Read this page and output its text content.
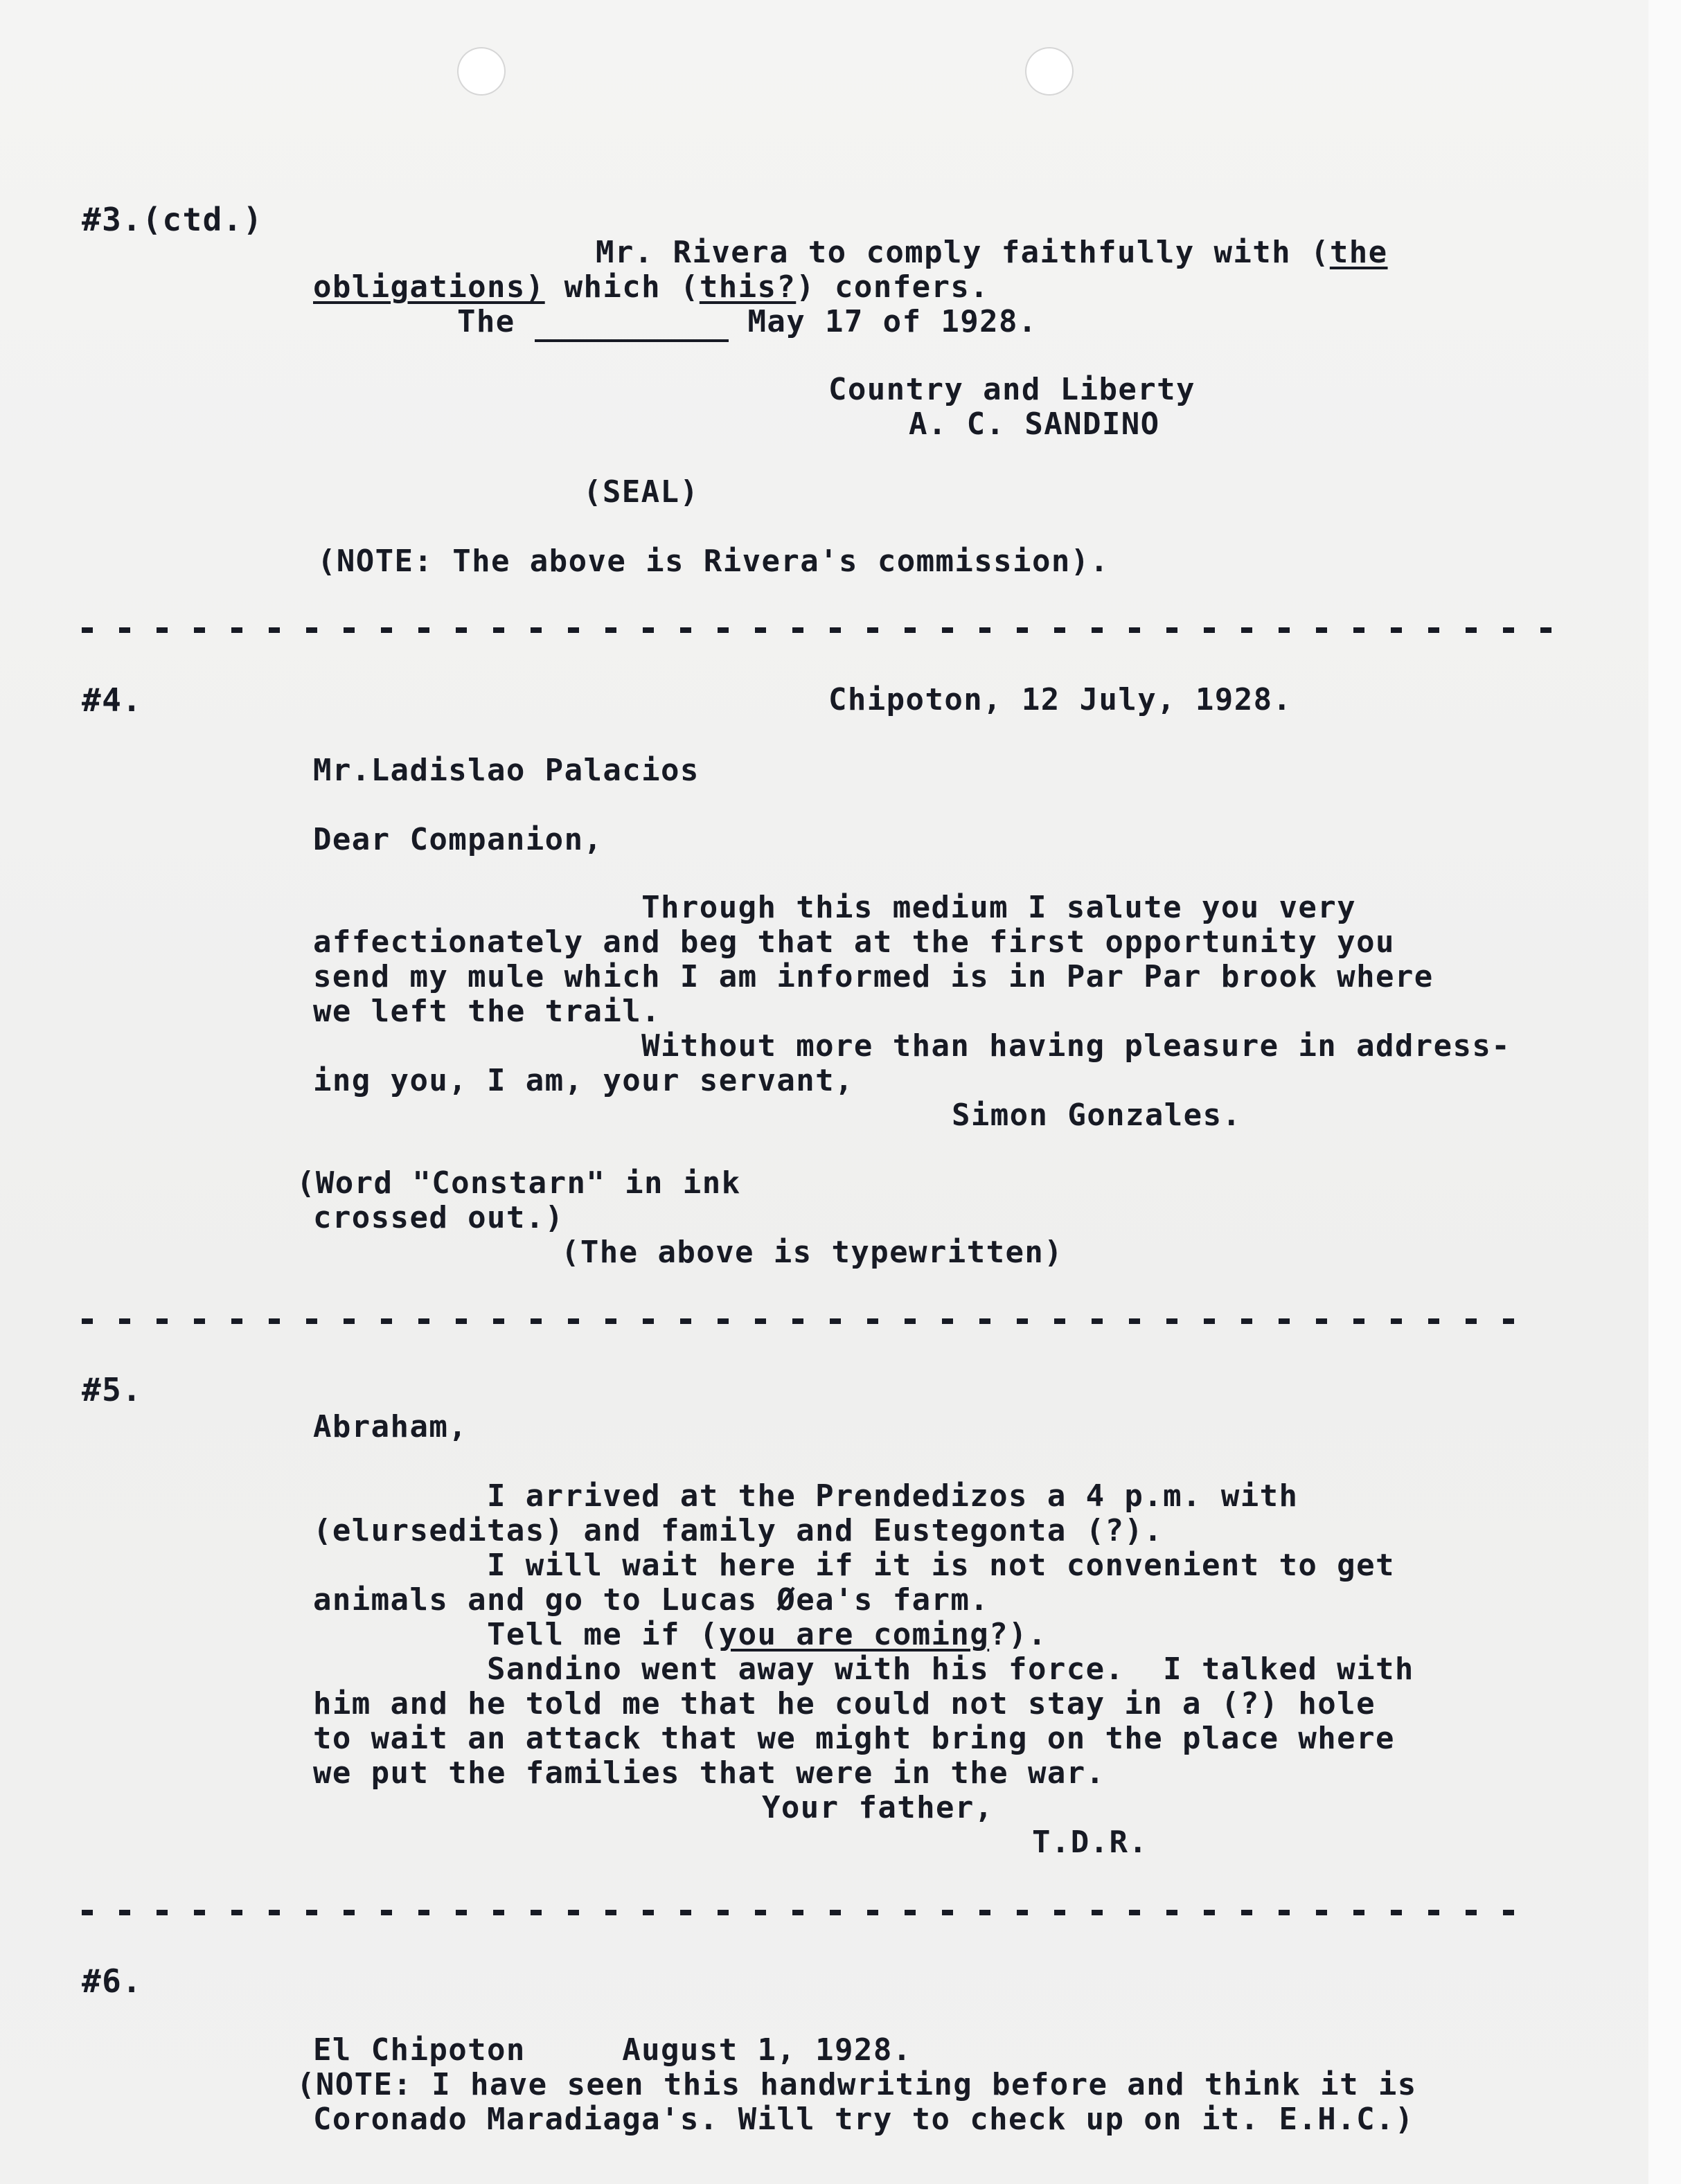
#3.(ctd.)
Mr. Rivera to comply faithfully with (the
obligations) which (this?) confers.
The	May 17 of 1928.
Country and Liberty
A. C. SANDINO
(SEAL)
(NOTE: The above is Rivera's commission).
#4.	Chipoton, 12 July, 1928.
Mr.Ladislao Palacios
Dear Companion,
Through this medium I salute you very
affectionately and beg that at the first opportunity you
send my mule which I am informed is in Par Par brook where
we left the trail.
Without more than having pleasure in address-
ing you, I am, your servant,
Simon Gonzales.
(Word "Constarn" in ink
crossed out.)
(The above is typewritten)
#5.
Abraham,
I arrived at the Prendedizos a 4 p.m. with
(elurseditas) and family and Eustegonta (?).
I will wait here if it is not convenient to get
animals and go to Lucas Øea's farm.
Tell me if (you are coming?).
Sandino went away with his force.  I talked with
him and he told me that he could not stay in a (?) hole
to wait an attack that we might bring on the place where
we put the families that were in the war.
Your father,
T.D.R.
#6.
El Chipoton     August 1, 1928.
(NOTE: I have seen this handwriting before and think it is
Coronado Maradiaga's. Will try to check up on it. E.H.C.)
